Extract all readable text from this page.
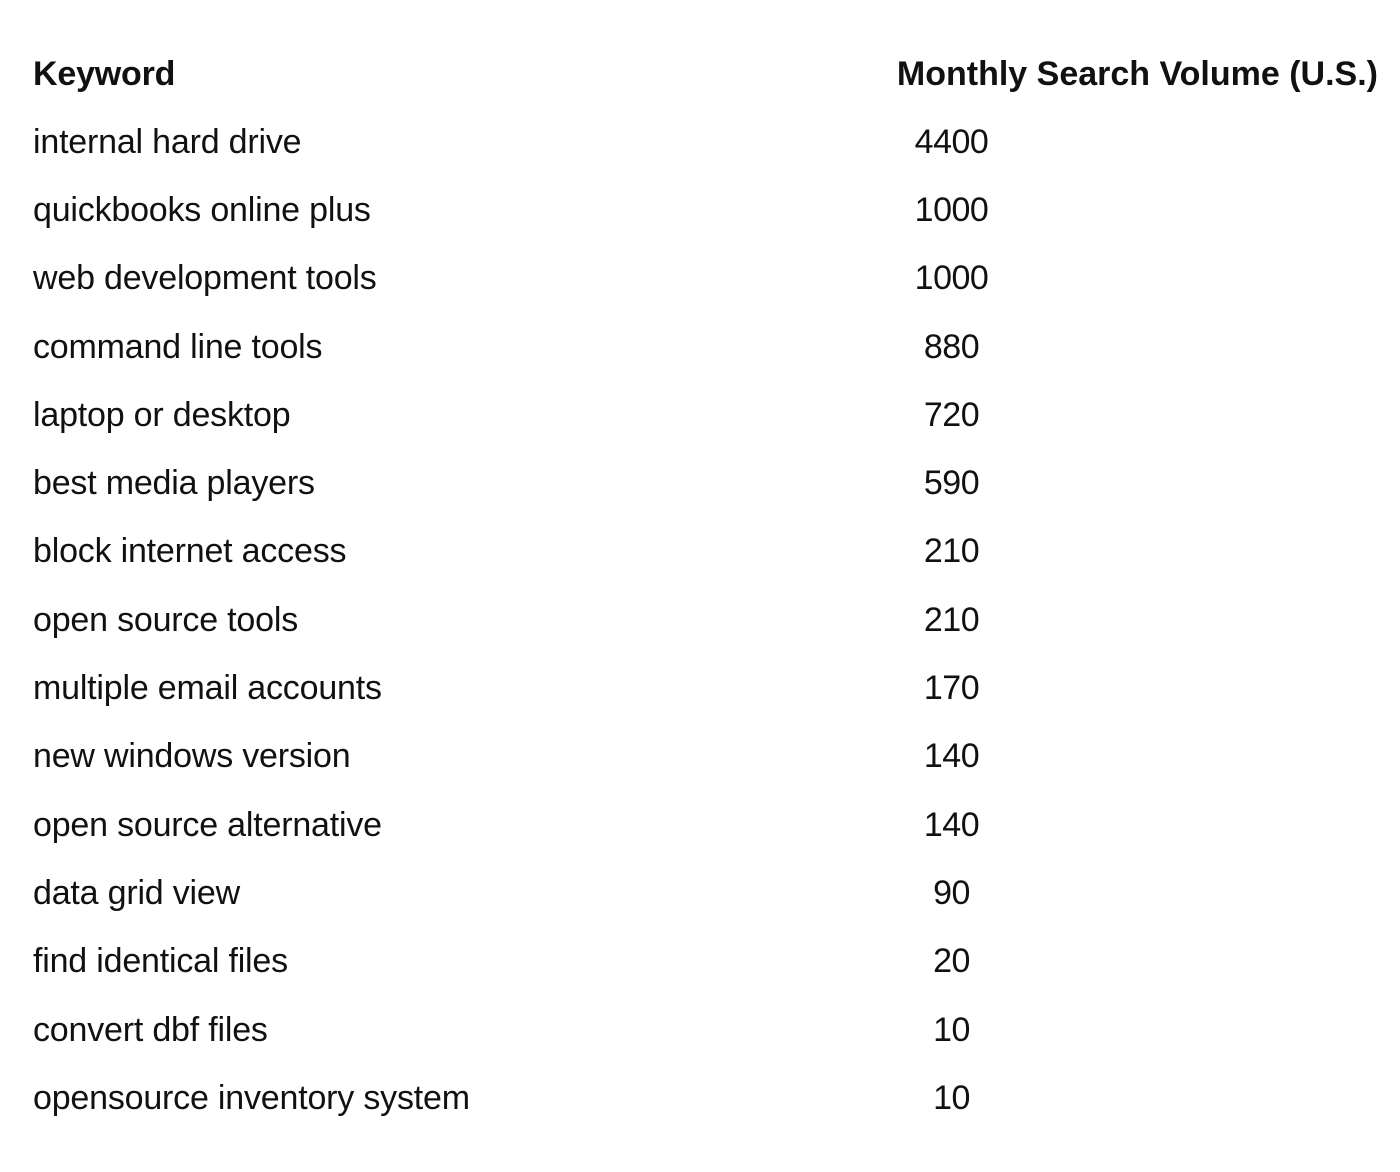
Keyword	Monthly Search Volume (U.S.)
internal hard drive	4400
quickbooks online plus	1000
web development tools	1000
command line tools	880
laptop or desktop	720
best media players	590
block internet access	210
open source tools	210
multiple email accounts	170
new windows version	140
open source alternative	140
data grid view	90
find identical files	20
convert dbf files	10
opensource inventory system	10
